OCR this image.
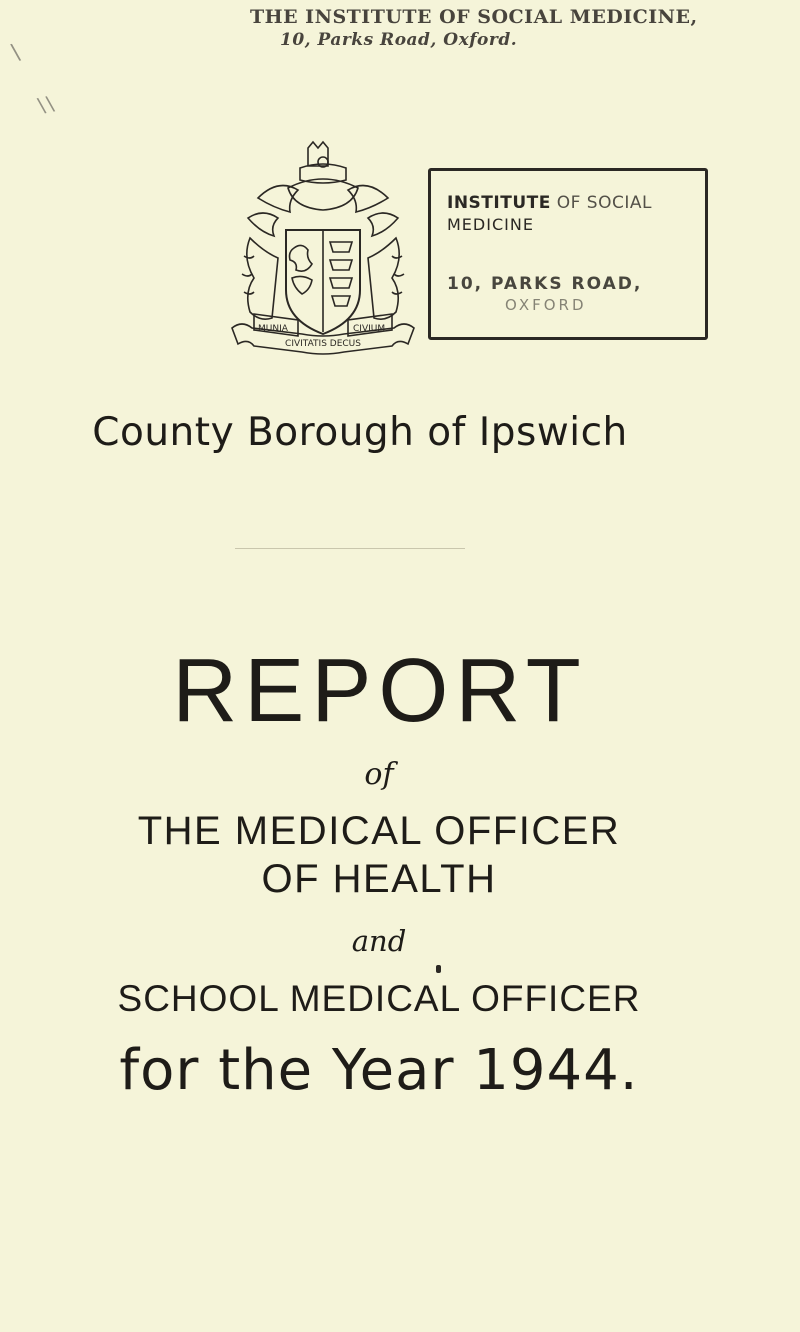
THE INSTITUTE OF SOCIAL MEDICINE,
10, Parks Road, Oxford.
\
\\
MUNIA	CIVIUM
CIVITATIS DECUS
INSTITUTE OF SOCIAL
MEDICINE
10, PARKS ROAD,
OXFORD
County Borough of Ipswich
REPORT
of
THE MEDICAL OFFICER
OF HEALTH
and
SCHOOL MEDICAL OFFICER
for the Year 1944.
